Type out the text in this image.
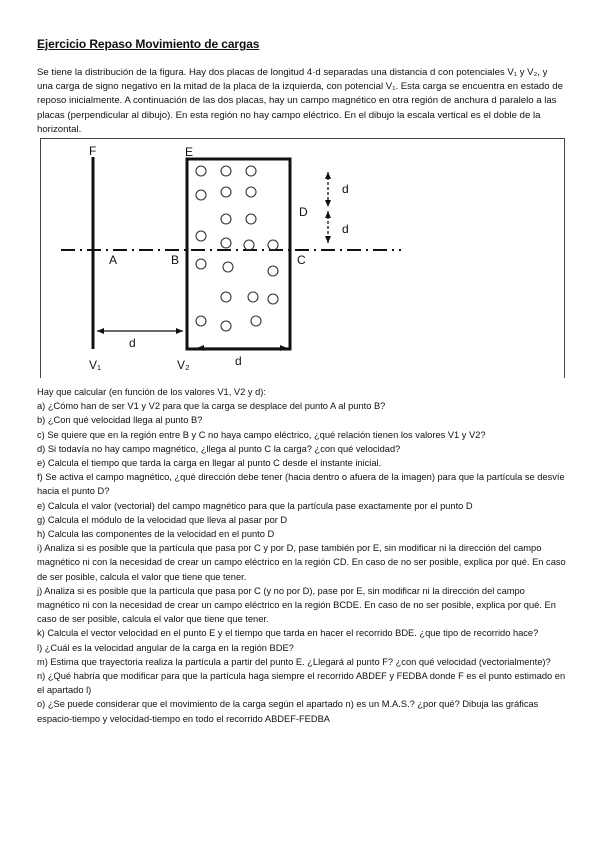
Ejercicio Repaso Movimiento de cargas

Se tiene la distribución de la figura. Hay dos placas de longitud 4·d separadas una distancia d con potenciales V₁ y V₂, y una carga de signo negativo en la mitad de la placa de la izquierda, con potencial V₁. Esta carga se encuentra en estado de reposo inicialmente. A continuación de las dos placas, hay un campo magnético en otra región de anchura d paralelo a las placas (perpendicular al dibujo). En esta región no hay campo eléctrico. En el dibujo la escala vertical es el doble de la horizontal.

F	E
D
A	B	C
V₁	V₂
d
d
d
d

Hay que calcular (en función de los valores V1, V2 y d):

a) ¿Cómo han de ser V1 y V2 para que la carga se desplace del punto A al punto B?

b) ¿Con qué velocidad llega al punto B?

c) Se quiere que en la región entre B y C no haya campo eléctrico, ¿qué relación tienen los valores V1 y V2?

d) Si todavía no hay campo magnético, ¿llega al punto C la carga? ¿con qué velocidad?

e) Calcula el tiempo que tarda la carga en llegar al punto C desde el instante inicial.

f) Se activa el campo magnético, ¿qué dirección debe tener (hacia dentro o afuera de la imagen) para que la partícula se desvíe hacia el punto D?

e) Calcula el valor (vectorial) del campo magnético para que la partícula pase exactamente por el punto D

g) Calcula el módulo de la velocidad que lleva al pasar por D

h) Calcula las componentes de la velocidad en el punto D

i) Analiza si es posible que la partícula que pasa por C y por D, pase también por E, sin modificar ni la dirección del campo magnético ni con la necesidad de crear un campo eléctrico en la región CD. En caso de no ser posible, explica por qué. En caso de ser posible, calcula el valor que tiene que tener.

j) Analiza si es posible que la partícula que pasa por C (y no por D), pase por E, sin modificar ni la dirección del campo magnético ni con la necesidad de crear un campo eléctrico en la región BCDE. En caso de no ser posible, explica por qué. En caso de ser posible, calcula el valor que tiene que tener.

k) Calcula el vector velocidad en el punto E y el tiempo que tarda en hacer el recorrido BDE. ¿que tipo de recorrido hace?

l) ¿Cuál es la velocidad angular de la carga en la región BDE?

m) Estima que trayectoria realiza la partícula a partir del punto E. ¿Llegará al punto F? ¿con qué velocidad (vectorialmente)?

n) ¿Qué habría que modificar para que la partícula haga siempre el recorrido ABDEF y FEDBA donde F es el punto estimado en el apartado l)

o) ¿Se puede considerar que el movimiento de la carga según el apartado n) es un M.A.S.? ¿por qué? Dibuja las gráficas espacio-tiempo y velocidad-tiempo en todo el recorrido ABDEF-FEDBA
